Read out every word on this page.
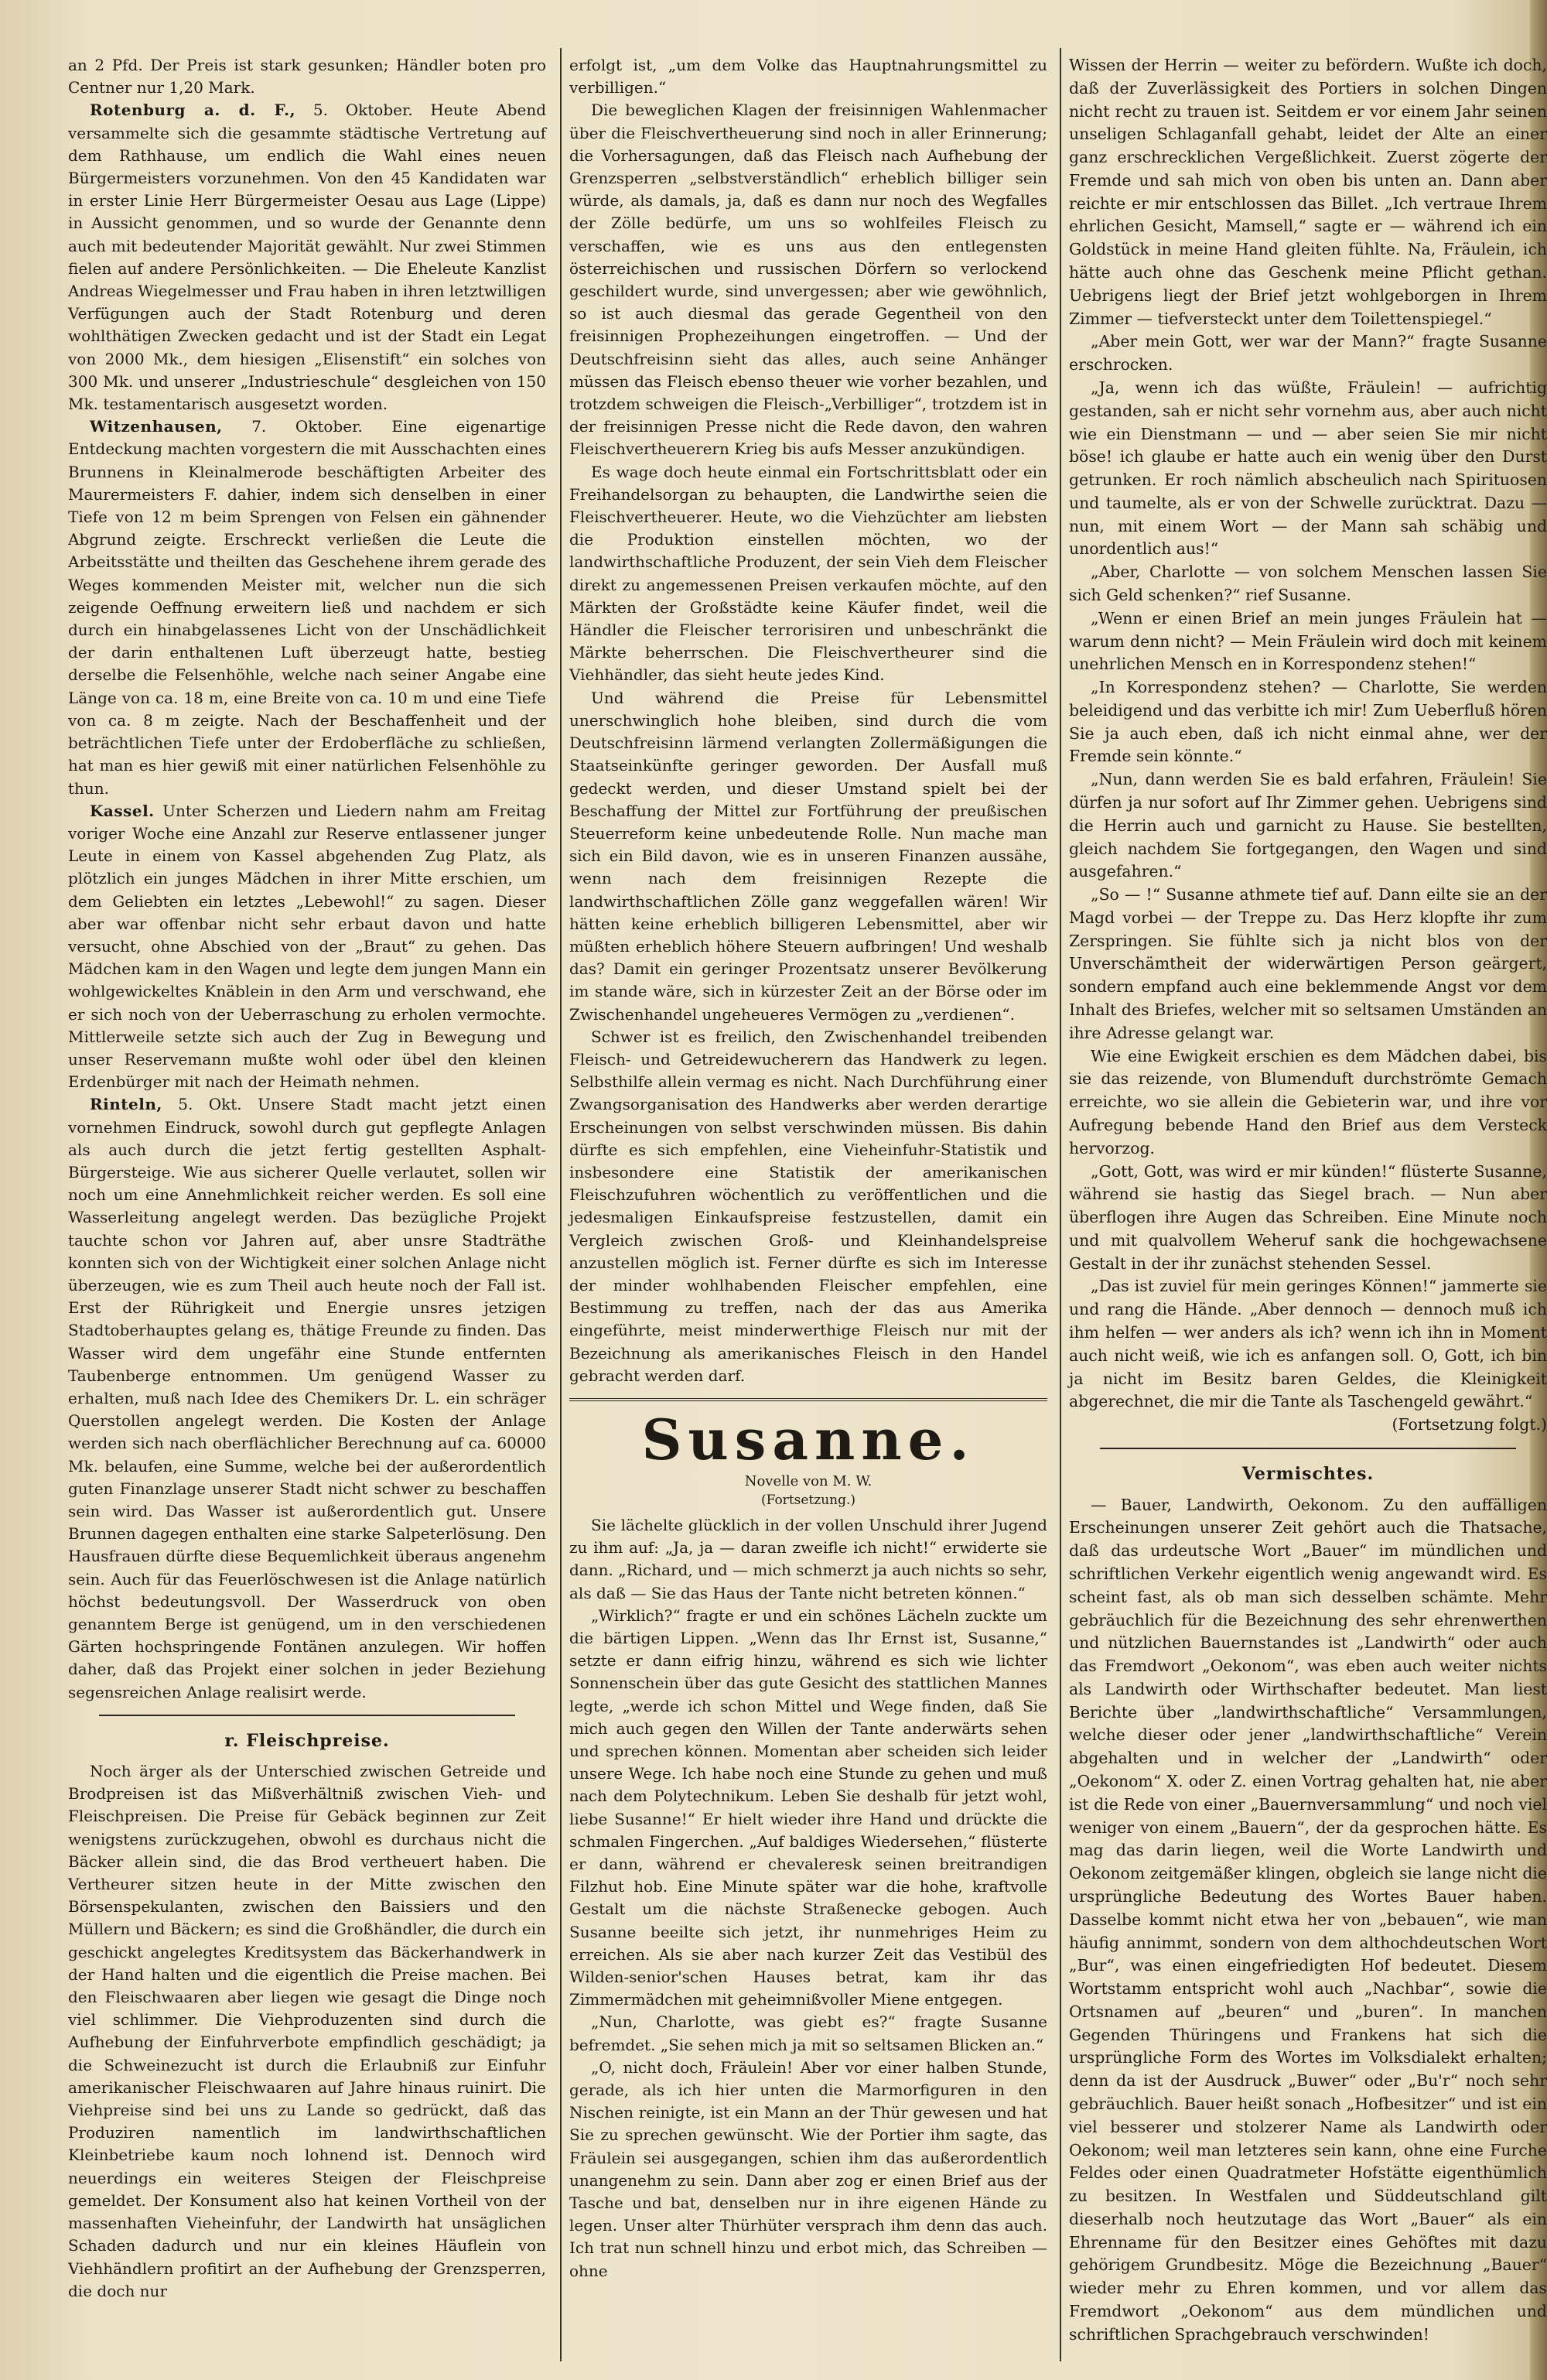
an 2 Pfd. Der Preis ist stark gesunken; Händler boten pro Centner nur 1,20 Mark.

Rotenburg a. d. F., 5. Oktober. Heute Abend versammelte sich die gesammte städtische Vertretung auf dem Rathhause, um endlich die Wahl eines neuen Bürgermeisters vorzunehmen. Von den 45 Kandidaten war in erster Linie Herr Bürgermeister Oesau aus Lage (Lippe) in Aussicht genommen, und so wurde der Genannte denn auch mit bedeutender Majorität gewählt. Nur zwei Stimmen fielen auf andere Persönlichkeiten. — Die Eheleute Kanzlist Andreas Wiegelmesser und Frau haben in ihren letztwilligen Verfügungen auch der Stadt Rotenburg und deren wohlthätigen Zwecken gedacht und ist der Stadt ein Legat von 2000 Mk., dem hiesigen „Elisenstift“ ein solches von 300 Mk. und unserer „Industrieschule“ desgleichen von 150 Mk. testamentarisch ausgesetzt worden.

Witzenhausen, 7. Oktober. Eine eigenartige Entdeckung machten vorgestern die mit Ausschachten eines Brunnens in Kleinalmerode beschäftigten Arbeiter des Maurermeisters F. dahier, indem sich denselben in einer Tiefe von 12 m beim Sprengen von Felsen ein gähnender Abgrund zeigte. Erschreckt verließen die Leute die Arbeitsstätte und theilten das Geschehene ihrem gerade des Weges kommenden Meister mit, welcher nun die sich zeigende Oeffnung erweitern ließ und nachdem er sich durch ein hinabgelassenes Licht von der Unschädlichkeit der darin enthaltenen Luft überzeugt hatte, bestieg derselbe die Felsenhöhle, welche nach seiner Angabe eine Länge von ca. 18 m, eine Breite von ca. 10 m und eine Tiefe von ca. 8 m zeigte. Nach der Beschaffenheit und der beträchtlichen Tiefe unter der Erdoberfläche zu schließen, hat man es hier gewiß mit einer natürlichen Felsenhöhle zu thun.

Kassel. Unter Scherzen und Liedern nahm am Freitag voriger Woche eine Anzahl zur Reserve entlassener junger Leute in einem von Kassel abgehenden Zug Platz, als plötzlich ein junges Mädchen in ihrer Mitte erschien, um dem Geliebten ein letztes „Lebewohl!“ zu sagen. Dieser aber war offenbar nicht sehr erbaut davon und hatte versucht, ohne Abschied von der „Braut“ zu gehen. Das Mädchen kam in den Wagen und legte dem jungen Mann ein wohlgewickeltes Knäblein in den Arm und verschwand, ehe er sich noch von der Ueberraschung zu erholen vermochte. Mittlerweile setzte sich auch der Zug in Bewegung und unser Reservemann mußte wohl oder übel den kleinen Erdenbürger mit nach der Heimath nehmen.

Rinteln, 5. Okt. Unsere Stadt macht jetzt einen vornehmen Eindruck, sowohl durch gut gepflegte Anlagen als auch durch die jetzt fertig gestellten Asphalt-Bürgersteige. Wie aus sicherer Quelle verlautet, sollen wir noch um eine Annehmlichkeit reicher werden. Es soll eine Wasserleitung angelegt werden. Das bezügliche Projekt tauchte schon vor Jahren auf, aber unsre Stadträthe konnten sich von der Wichtigkeit einer solchen Anlage nicht überzeugen, wie es zum Theil auch heute noch der Fall ist. Erst der Rührigkeit und Energie unsres jetzigen Stadtoberhauptes gelang es, thätige Freunde zu finden. Das Wasser wird dem ungefähr eine Stunde entfernten Taubenberge entnommen. Um genügend Wasser zu erhalten, muß nach Idee des Chemikers Dr. L. ein schräger Querstollen angelegt werden. Die Kosten der Anlage werden sich nach oberflächlicher Berechnung auf ca. 60000 Mk. belaufen, eine Summe, welche bei der außerordentlich guten Finanzlage unserer Stadt nicht schwer zu beschaffen sein wird. Das Wasser ist außerordentlich gut. Unsere Brunnen dagegen enthalten eine starke Salpeterlösung. Den Hausfrauen dürfte diese Bequemlichkeit überaus angenehm sein. Auch für das Feuerlöschwesen ist die Anlage natürlich höchst bedeutungsvoll. Der Wasserdruck von oben genanntem Berge ist genügend, um in den verschiedenen Gärten hochspringende Fontänen anzulegen. Wir hoffen daher, daß das Projekt einer solchen in jeder Beziehung segensreichen Anlage realisirt werde.

r. Fleischpreise.

Noch ärger als der Unterschied zwischen Getreide und Brodpreisen ist das Mißverhältniß zwischen Vieh- und Fleischpreisen. Die Preise für Gebäck beginnen zur Zeit wenigstens zurückzugehen, obwohl es durchaus nicht die Bäcker allein sind, die das Brod vertheuert haben. Die Vertheurer sitzen heute in der Mitte zwischen den Börsenspekulanten, zwischen den Baissiers und den Müllern und Bäckern; es sind die Großhändler, die durch ein geschickt angelegtes Kreditsystem das Bäckerhandwerk in der Hand halten und die eigentlich die Preise machen. Bei den Fleischwaaren aber liegen wie gesagt die Dinge noch viel schlimmer. Die Viehproduzenten sind durch die Aufhebung der Einfuhrverbote empfindlich geschädigt; ja die Schweinezucht ist durch die Erlaubniß zur Einfuhr amerikanischer Fleischwaaren auf Jahre hinaus ruinirt. Die Viehpreise sind bei uns zu Lande so gedrückt, daß das Produziren namentlich im landwirthschaftlichen Kleinbetriebe kaum noch lohnend ist. Dennoch wird neuerdings ein weiteres Steigen der Fleischpreise gemeldet. Der Konsument also hat keinen Vortheil von der massenhaften Vieheinfuhr, der Landwirth hat unsäglichen Schaden dadurch und nur ein kleines Häuflein von Viehhändlern profitirt an der Aufhebung der Grenzsperren, die doch nur

erfolgt ist, „um dem Volke das Hauptnahrungsmittel zu verbilligen.“

Die beweglichen Klagen der freisinnigen Wahlenmacher über die Fleischvertheuerung sind noch in aller Erinnerung; die Vorhersagungen, daß das Fleisch nach Aufhebung der Grenzsperren „selbstverständlich“ erheblich billiger sein würde, als damals, ja, daß es dann nur noch des Wegfalles der Zölle bedürfe, um uns so wohlfeiles Fleisch zu verschaffen, wie es uns aus den entlegensten österreichischen und russischen Dörfern so verlockend geschildert wurde, sind unvergessen; aber wie gewöhnlich, so ist auch diesmal das gerade Gegentheil von den freisinnigen Prophezeihungen eingetroffen. — Und der Deutschfreisinn sieht das alles, auch seine Anhänger müssen das Fleisch ebenso theuer wie vorher bezahlen, und trotzdem schweigen die Fleisch-„Verbilliger“, trotzdem ist in der freisinnigen Presse nicht die Rede davon, den wahren Fleischvertheuerern Krieg bis aufs Messer anzukündigen.

Es wage doch heute einmal ein Fortschrittsblatt oder ein Freihandelsorgan zu behaupten, die Landwirthe seien die Fleischvertheuerer. Heute, wo die Viehzüchter am liebsten die Produktion einstellen möchten, wo der landwirthschaftliche Produzent, der sein Vieh dem Fleischer direkt zu angemessenen Preisen verkaufen möchte, auf den Märkten der Großstädte keine Käufer findet, weil die Händler die Fleischer terrorisiren und unbeschränkt die Märkte beherrschen. Die Fleischvertheurer sind die Viehhändler, das sieht heute jedes Kind.

Und während die Preise für Lebensmittel unerschwinglich hohe bleiben, sind durch die vom Deutschfreisinn lärmend verlangten Zollermäßigungen die Staatseinkünfte geringer geworden. Der Ausfall muß gedeckt werden, und dieser Umstand spielt bei der Beschaffung der Mittel zur Fortführung der preußischen Steuerreform keine unbedeutende Rolle. Nun mache man sich ein Bild davon, wie es in unseren Finanzen aussähe, wenn nach dem freisinnigen Rezepte die landwirthschaftlichen Zölle ganz weggefallen wären! Wir hätten keine erheblich billigeren Lebensmittel, aber wir müßten erheblich höhere Steuern aufbringen! Und weshalb das? Damit ein geringer Prozentsatz unserer Bevölkerung im stande wäre, sich in kürzester Zeit an der Börse oder im Zwischenhandel ungeheueres Vermögen zu „verdienen“.

Schwer ist es freilich, den Zwischenhandel treibenden Fleisch- und Getreidewucherern das Handwerk zu legen. Selbsthilfe allein vermag es nicht. Nach Durchführung einer Zwangsorganisation des Handwerks aber werden derartige Erscheinungen von selbst verschwinden müssen. Bis dahin dürfte es sich empfehlen, eine Vieheinfuhr-Statistik und insbesondere eine Statistik der amerikanischen Fleischzufuhren wöchentlich zu veröffentlichen und die jedesmaligen Einkaufspreise festzustellen, damit ein Vergleich zwischen Groß- und Kleinhandelspreise anzustellen möglich ist. Ferner dürfte es sich im Interesse der minder wohlhabenden Fleischer empfehlen, eine Bestimmung zu treffen, nach der das aus Amerika eingeführte, meist minderwerthige Fleisch nur mit der Bezeichnung als amerikanisches Fleisch in den Handel gebracht werden darf.

Susanne.
Novelle von M. W.
(Fortsetzung.)

Sie lächelte glücklich in der vollen Unschuld ihrer Jugend zu ihm auf: „Ja, ja — daran zweifle ich nicht!“ erwiderte sie dann. „Richard, und — mich schmerzt ja auch nichts so sehr, als daß — Sie das Haus der Tante nicht betreten können.“

„Wirklich?“ fragte er und ein schönes Lächeln zuckte um die bärtigen Lippen. „Wenn das Ihr Ernst ist, Susanne,“ setzte er dann eifrig hinzu, während es sich wie lichter Sonnenschein über das gute Gesicht des stattlichen Mannes legte, „werde ich schon Mittel und Wege finden, daß Sie mich auch gegen den Willen der Tante anderwärts sehen und sprechen können. Momentan aber scheiden sich leider unsere Wege. Ich habe noch eine Stunde zu gehen und muß nach dem Polytechnikum. Leben Sie deshalb für jetzt wohl, liebe Susanne!“ Er hielt wieder ihre Hand und drückte die schmalen Fingerchen. „Auf baldiges Wiedersehen,“ flüsterte er dann, während er chevaleresk seinen breitrandigen Filzhut hob. Eine Minute später war die hohe, kraftvolle Gestalt um die nächste Straßenecke gebogen. Auch Susanne beeilte sich jetzt, ihr nunmehriges Heim zu erreichen. Als sie aber nach kurzer Zeit das Vestibül des Wilden-senior'schen Hauses betrat, kam ihr das Zimmermädchen mit geheimnißvoller Miene entgegen.

„Nun, Charlotte, was giebt es?“ fragte Susanne befremdet. „Sie sehen mich ja mit so seltsamen Blicken an.“

„O, nicht doch, Fräulein! Aber vor einer halben Stunde, gerade, als ich hier unten die Marmorfiguren in den Nischen reinigte, ist ein Mann an der Thür gewesen und hat Sie zu sprechen gewünscht. Wie der Portier ihm sagte, das Fräulein sei ausgegangen, schien ihm das außerordentlich unangenehm zu sein. Dann aber zog er einen Brief aus der Tasche und bat, denselben nur in ihre eigenen Hände zu legen. Unser alter Thürhüter versprach ihm denn das auch. Ich trat nun schnell hinzu und erbot mich, das Schreiben — ohne

Wissen der Herrin — weiter zu befördern. Wußte ich doch, daß der Zuverlässigkeit des Portiers in solchen Dingen nicht recht zu trauen ist. Seitdem er vor einem Jahr seinen unseligen Schlaganfall gehabt, leidet der Alte an einer ganz erschrecklichen Vergeßlichkeit. Zuerst zögerte der Fremde und sah mich von oben bis unten an. Dann aber reichte er mir entschlossen das Billet. „Ich vertraue Ihrem ehrlichen Gesicht, Mamsell,“ sagte er — während ich ein Goldstück in meine Hand gleiten fühlte. Na, Fräulein, ich hätte auch ohne das Geschenk meine Pflicht gethan. Uebrigens liegt der Brief jetzt wohlgeborgen in Ihrem Zimmer — tiefversteckt unter dem Toilettenspiegel.“

„Aber mein Gott, wer war der Mann?“ fragte Susanne erschrocken.

„Ja, wenn ich das wüßte, Fräulein! — aufrichtig gestanden, sah er nicht sehr vornehm aus, aber auch nicht wie ein Dienstmann — und — aber seien Sie mir nicht böse! ich glaube er hatte auch ein wenig über den Durst getrunken. Er roch nämlich abscheulich nach Spirituosen und taumelte, als er von der Schwelle zurücktrat. Dazu — nun, mit einem Wort — der Mann sah schäbig und unordentlich aus!“

„Aber, Charlotte — von solchem Menschen lassen Sie sich Geld schenken?“ rief Susanne.

„Wenn er einen Brief an mein junges Fräulein hat — warum denn nicht? — Mein Fräulein wird doch mit keinem unehrlichen Mensch en in Korrespondenz stehen!“

„In Korrespondenz stehen? — Charlotte, Sie werden beleidigend und das verbitte ich mir! Zum Ueberfluß hören Sie ja auch eben, daß ich nicht einmal ahne, wer der Fremde sein könnte.“

„Nun, dann werden Sie es bald erfahren, Fräulein! Sie dürfen ja nur sofort auf Ihr Zimmer gehen. Uebrigens sind die Herrin auch und garnicht zu Hause. Sie bestellten, gleich nachdem Sie fortgegangen, den Wagen und sind ausgefahren.“

„So — !“ Susanne athmete tief auf. Dann eilte sie an der Magd vorbei — der Treppe zu. Das Herz klopfte ihr zum Zerspringen. Sie fühlte sich ja nicht blos von der Unverschämtheit der widerwärtigen Person geärgert, sondern empfand auch eine beklemmende Angst vor dem Inhalt des Briefes, welcher mit so seltsamen Umständen an ihre Adresse gelangt war.

Wie eine Ewigkeit erschien es dem Mädchen dabei, bis sie das reizende, von Blumenduft durchströmte Gemach erreichte, wo sie allein die Gebieterin war, und ihre vor Aufregung bebende Hand den Brief aus dem Versteck hervorzog.

„Gott, Gott, was wird er mir künden!“ flüsterte Susanne, während sie hastig das Siegel brach. — Nun aber überflogen ihre Augen das Schreiben. Eine Minute noch und mit qualvollem Weheruf sank die hochgewachsene Gestalt in der ihr zunächst stehenden Sessel.

„Das ist zuviel für mein geringes Können!“ jammerte sie und rang die Hände. „Aber dennoch — dennoch muß ich ihm helfen — wer anders als ich? wenn ich ihn in Moment auch nicht weiß, wie ich es anfangen soll. O, Gott, ich bin ja nicht im Besitz baren Geldes, die Kleinigkeit abgerechnet, die mir die Tante als Taschengeld gewährt.“

(Fortsetzung folgt.)

Vermischtes.

— Bauer, Landwirth, Oekonom. Zu den auffälligen Erscheinungen unserer Zeit gehört auch die Thatsache, daß das urdeutsche Wort „Bauer“ im mündlichen und schriftlichen Verkehr eigentlich wenig angewandt wird. Es scheint fast, als ob man sich desselben schämte. Mehr gebräuchlich für die Bezeichnung des sehr ehrenwerthen und nützlichen Bauernstandes ist „Landwirth“ oder auch das Fremdwort „Oekonom“, was eben auch weiter nichts als Landwirth oder Wirthschafter bedeutet. Man liest Berichte über „landwirthschaftliche“ Versammlungen, welche dieser oder jener „landwirthschaftliche“ Verein abgehalten und in welcher der „Landwirth“ oder „Oekonom“ X. oder Z. einen Vortrag gehalten hat, nie aber ist die Rede von einer „Bauernversammlung“ und noch viel weniger von einem „Bauern“, der da gesprochen hätte. Es mag das darin liegen, weil die Worte Landwirth und Oekonom zeitgemäßer klingen, obgleich sie lange nicht die ursprüngliche Bedeutung des Wortes Bauer haben. Dasselbe kommt nicht etwa her von „bebauen“, wie man häufig annimmt, sondern von dem althochdeutschen Wort „Bur“, was einen eingefriedigten Hof bedeutet. Diesem Wortstamm entspricht wohl auch „Nachbar“, sowie die Ortsnamen auf „beuren“ und „buren“. In manchen Gegenden Thüringens und Frankens hat sich die ursprüngliche Form des Wortes im Volksdialekt erhalten; denn da ist der Ausdruck „Buwer“ oder „Bu'r“ noch sehr gebräuchlich. Bauer heißt sonach „Hofbesitzer“ und ist ein viel besserer und stolzerer Name als Landwirth oder Oekonom; weil man letzteres sein kann, ohne eine Furche Feldes oder einen Quadratmeter Hofstätte eigenthümlich zu besitzen. In Westfalen und Süddeutschland gilt dieserhalb noch heutzutage das Wort „Bauer“ als ein Ehrenname für den Besitzer eines Gehöftes mit dazu gehörigem Grundbesitz. Möge die Bezeichnung „Bauer“ wieder mehr zu Ehren kommen, und vor allem das Fremdwort „Oekonom“ aus dem mündlichen und schriftlichen Sprachgebrauch verschwinden!
